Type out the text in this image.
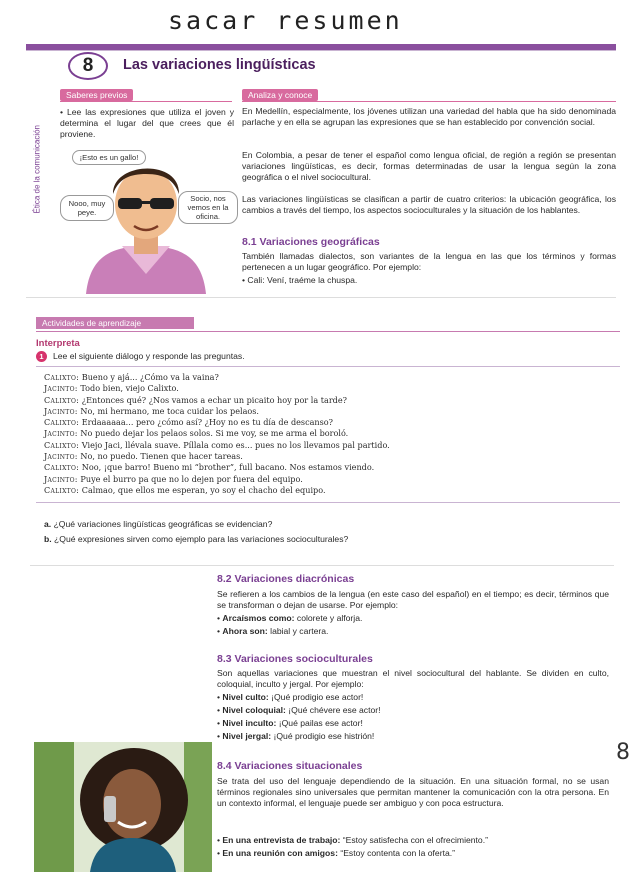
sacar resumen
8	Las variaciones lingüísticas
Ética de la comunicación
Saberes previos
• Lee las expresiones que utiliza el joven y determina el lugar del que crees que él proviene.
¡Esto es un gallo!
Nooo, muy peye.
Socio, nos vemos en la oficina.
Analiza y conoce
En Medellín, especialmente, los jóvenes utilizan una variedad del habla que ha sido denominada parlache y en ella se agrupan las expresiones que se han establecido por convención social.
En Colombia, a pesar de tener el español como lengua oficial, de región a región se presentan variaciones lingüísticas, es decir, formas determinadas de usar la lengua según la zona geográfica o el nivel sociocultural.
Las variaciones lingüísticas se clasifican a partir de cuatro criterios: la ubicación geográfica, los cambios a través del tiempo, los aspectos socioculturales y la situación de los hablantes.
8.1 Variaciones geográficas
También llamadas dialectos, son variantes de la lengua en las que los términos y formas pertenecen a un lugar geográfico. Por ejemplo:
• Cali: Vení, traéme la chuspa.
Actividades de aprendizaje
Interpreta
1	Lee el siguiente diálogo y responde las preguntas.
Calixto: Bueno y ajá... ¿Cómo va la vaina?
Jacinto: Todo bien, viejo Calixto.
Calixto: ¿Entonces qué? ¿Nos vamos a echar un picaito hoy por la tarde?
Jacinto: No, mi hermano, me toca cuidar los pelaos.
Calixto: Erdaaaaaa... pero ¿cómo así? ¿Hoy no es tu día de descanso?
Jacinto: No puedo dejar los pelaos solos. Si me voy, se me arma el boroló.
Calixto: Viejo Jaci, llévala suave. Píllala como es... pues no los llevamos pal partido.
Jacinto: No, no puedo. Tienen que hacer tareas.
Calixto: Noo, ¡que barro! Bueno mi “brother”, full bacano. Nos estamos viendo.
Jacinto: Puye el burro pa que no lo dejen por fuera del equipo.
Calixto: Calmao, que ellos me esperan, yo soy el chacho del equipo.
a. ¿Qué variaciones lingüísticas geográficas se evidencian?
b. ¿Qué expresiones sirven como ejemplo para las variaciones socioculturales?
8.2 Variaciones diacrónicas
Se refieren a los cambios de la lengua (en este caso del español) en el tiempo; es decir, términos que se transforman o dejan de usarse. Por ejemplo:
• Arcaísmos como: colorete y alforja.
• Ahora son: labial y cartera.
8.3 Variaciones socioculturales
Son aquellas variaciones que muestran el nivel sociocultural del hablante. Se dividen en culto, coloquial, inculto y jergal. Por ejemplo:
• Nivel culto: ¡Qué prodigio ese actor!
• Nivel coloquial: ¡Qué chévere ese actor!
• Nivel inculto: ¡Qué pailas ese actor!
• Nivel jergal: ¡Qué prodigio ese histrión!
8.4 Variaciones situacionales
Se trata del uso del lenguaje dependiendo de la situación. En una situación formal, no se usan términos regionales sino universales que permitan mantener la comunicación con la otra persona. En un contexto informal, el lenguaje puede ser ambiguo y con poca estructura.
• En una entrevista de trabajo: “Estoy satisfecha con el ofrecimiento.”
• En una reunión con amigos: “Estoy contenta con la oferta.”
8
